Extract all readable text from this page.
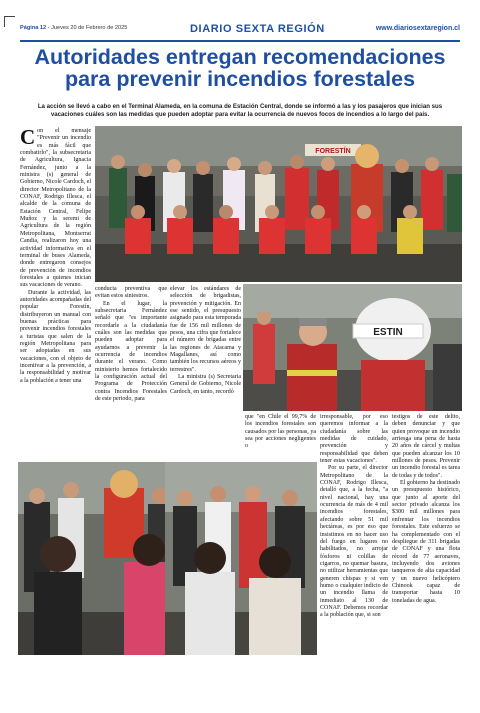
Página 12 - Jueves 20 de Febrero de 2025	DIARIO SEXTA REGIÓN	www.diariosextaregion.cl
Autoridades entregan recomendaciones para prevenir incendios forestales
La acción se llevó a cabo en el Terminal Alameda, en la comuna de Estación Central, donde se informó a las y los pasajeros que inician sus vacaciones cuáles son las medidas que pueden adoptar para evitar la ocurrencia de nuevos focos de incendios a lo largo del país.
FORESTÍN
ESTIN

Con el mensaje "Prevenir un incendio es más fácil que combatirlo", la subsecretaria de Agricultura, Ignacia Fernández, junto a la ministra (s) general de Gobierno, Nicole Cardoch, el director Metropolitano de la CONAF, Rodrigo Illesca, el alcalde de la comuna de Estación Central, Felipe Muñoz y la seremi de Agricultura de la región Metropolitana, Montserrat Candia, realizaron hoy una actividad informativa en el terminal de buses Alameda, donde entregaron consejos de prevención de incendios forestales a quienes inician sus vacaciones de verano.

Durante la actividad, las autoridades acompañadas del popular Forestín, distribuyeron un manual con buenas prácticas para prevenir incendios forestales a turistas que salen de la región Metropolitana para ser adoptadas en sus vacaciones, con el objeto de incentivar a la prevención, a la responsabilidad y motivar a la población a tener una

conducta preventiva que evitan estos siniestros.

En el lugar, la subsecretaria Fernández señaló que "es importante recordarle a la ciudadanía cuáles son las medidas que pueden adoptar para ayudarnos a prevenir la ocurrencia de incendios durante el verano. Como ministerio hemos fortalecido la configuración actual del Programa de Protección contra Incendios Forestales de este periodo, para

elevar los estándares de selección de brigadistas, prevención y mitigación. En ese sentido, el presupuesto asignado para esta temporada fue de 156 mil millones de pesos, una cifra que fortalece el número de brigadas entre las regiones de Atacama y Magallanes, así como también los recursos aéreos y terrestres".

La ministra (s) Secretaria General de Gobierno, Nicole Cardoch, en tanto, recordó

que "en Chile el 99,7% de los incendios forestales son causados por las personas, ya sea por acciones negligentes o

irresponsable, por eso queremos informar a la ciudadanía sobre las medidas de cuidado, prevención y responsabilidad que deben tener estas vacaciones".

Por su parte, el director Metropolitano de la CONAF, Rodrigo Illesca, detalló que, a la fecha, "a nivel nacional, hay una ocurrencia de más de 4 mil incendios forestales, afectando sobre 51 mil hectáreas, es por eso que insistimos en no hacer uso del fuego en lugares no habilitados, no arrojar fósforos ni colillas de cigarros, no quemar basura, no utilizar herramientas que generen chispas y si ven humo o cualquier indicio de un incendio llama de inmediato al 130 de CONAF. Debemos recordar a la población que, si son

testigos de este delito, deben denunciar y que quien provoque un incendio arriesga una pena de hasta 20 años de cárcel y multas que pueden alcanzar los 10 millones de pesos. Prevenir un incendio forestal es tarea de todas y de todos".

El gobierno ha destinado un presupuesto histórico, que junto al aporte del sector privado alcanza los $300 mil millones para enfrentar los incendios forestales. Este esfuerzo se ha complementado con el despliegue de 311 brigadas de CONAF y una flota récord de 77 aeronaves, incluyendo dos aviones tanqueros de alta capacidad y un nuevo helicóptero Chinook capaz de transportar hasta 10 toneladas de agua.
